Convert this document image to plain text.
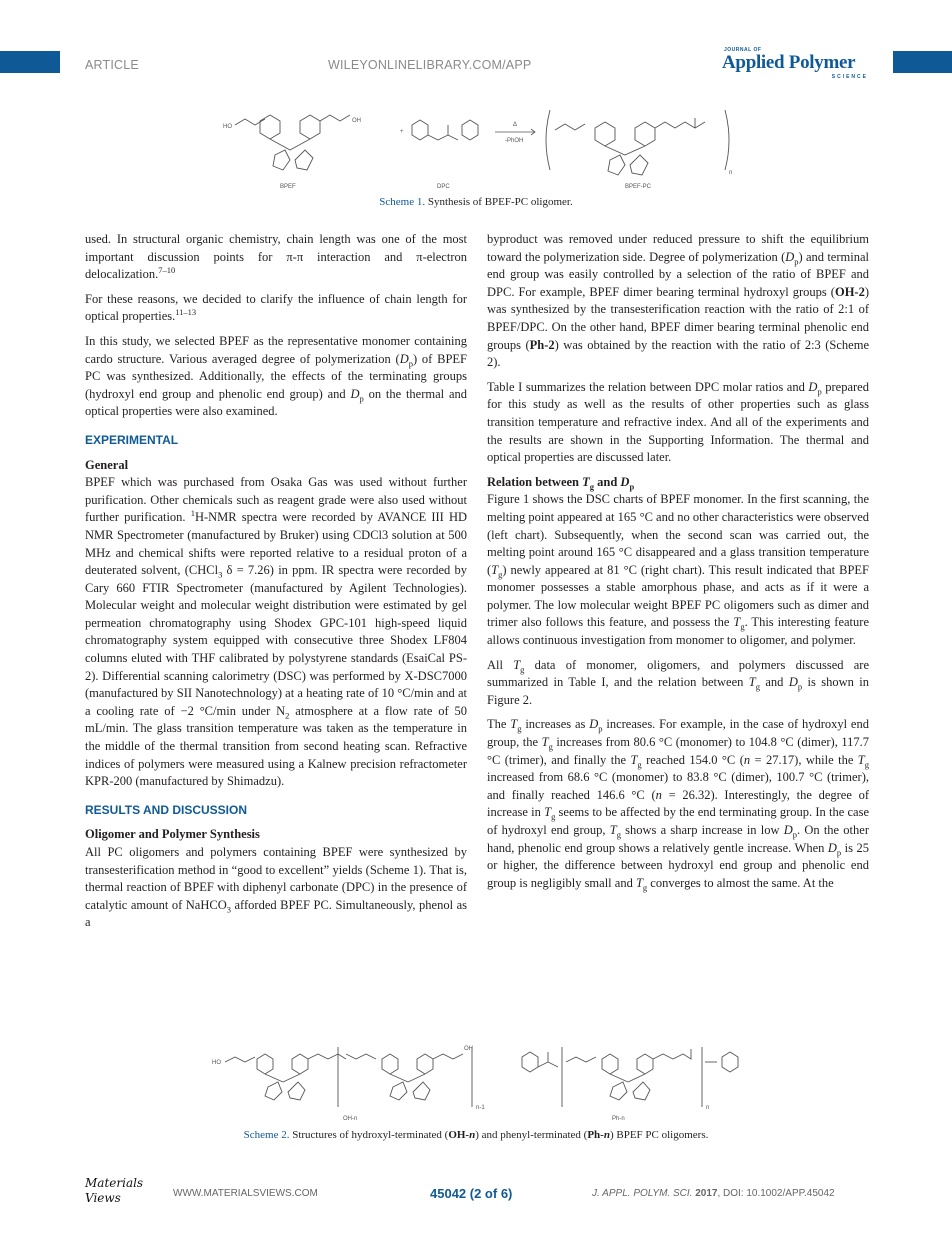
ARTICLE	WILEYONLINELIBRARY.COM/APP
JOURNAL OF
Applied Polymer
SCIENCE
HO
OH
BPEF
+
DPC
Δ
-PhOH
n
BPEF-PC
Scheme 1. Synthesis of BPEF-PC oligomer.

used. In structural organic chemistry, chain length was one of the most important discussion points for π-π interaction and π-electron delocalization.$^{7-10}$

For these reasons, we decided to clarify the influence of chain length for optical properties.$^{11-13}$

In this study, we selected BPEF as the representative monomer containing cardo structure. Various averaged degree of polymerization $(D_p)$ of BPEF PC was synthesized. Additionally, the effects of the terminating groups (hydroxyl end group and phenolic end group) and $D_p$ on the thermal and optical properties were also examined.

EXPERIMENTAL
General

BPEF which was purchased from Osaka Gas was used without further purification. Other chemicals such as reagent grade were also used without further purification. $^1$H-NMR spectra were recorded by AVANCE III HD NMR Spectrometer (manufactured by Bruker) using CDCl3 solution at 500 MHz and chemical shifts were reported relative to a residual proton of a deuterated solvent, (CHCl$_3$ δ = 7.26) in ppm. IR spectra were recorded by Cary 660 FTIR Spectrometer (manufactured by Agilent Technologies). Molecular weight and molecular weight distribution were estimated by gel permeation chromatography using Shodex GPC-101 high-speed liquid chromatography system equipped with consecutive three Shodex LF804 columns eluted with THF calibrated by polystyrene standards (EsaiCal PS-2). Differential scanning calorimetry (DSC) was performed by X-DSC7000 (manufactured by SII Nanotechnology) at a heating rate of 10 °C/min and at a cooling rate of −2 °C/min under $N_2$ atmosphere at a flow rate of 50 mL/min. The glass transition temperature was taken as the temperature in the middle of the thermal transition from second heating scan. Refractive indices of polymers were measured using a Kalnew precision refractometer KPR-200 (manufactured by Shimadzu).

RESULTS AND DISCUSSION
Oligomer and Polymer Synthesis

All PC oligomers and polymers containing BPEF were synthesized by transesterification method in “good to excellent” yields (Scheme 1). That is, thermal reaction of BPEF with diphenyl carbonate (DPC) in the presence of catalytic amount of NaHCO$_3$ afforded BPEF PC. Simultaneously, phenol as a

byproduct was removed under reduced pressure to shift the equilibrium toward the polymerization side. Degree of polymerization $(D_p)$ and terminal end group was easily controlled by a selection of the ratio of BPEF and DPC. For example, BPEF dimer bearing terminal hydroxyl groups (OH-2) was synthesized by the transesterification reaction with the ratio of 2:1 of BPEF/DPC. On the other hand, BPEF dimer bearing terminal phenolic end groups (Ph-2) was obtained by the reaction with the ratio of 2:3 (Scheme 2).

Table I summarizes the relation between DPC molar ratios and $D_p$ prepared for this study as well as the results of other properties such as glass transition temperature and refractive index. And all of the experiments and the results are shown in the Supporting Information. The thermal and optical properties are discussed later.

Relation between $T_g$ and $D_p$

Figure 1 shows the DSC charts of BPEF monomer. In the first scanning, the melting point appeared at 165 °C and no other characteristics were observed (left chart). Subsequently, when the second scan was carried out, the melting point around 165 °C disappeared and a glass transition temperature $(T_g)$ newly appeared at 81 °C (right chart). This result indicated that BPEF monomer possesses a stable amorphous phase, and acts as if it were a polymer. The low molecular weight BPEF PC oligomers such as dimer and trimer also follows this feature, and possess the $T_g$. This interesting feature allows continuous investigation from monomer to oligomer, and polymer.

All $T_g$ data of monomer, oligomers, and polymers discussed are summarized in Table I, and the relation between $T_g$ and $D_p$ is shown in Figure 2.

The $T_g$ increases as $D_p$ increases. For example, in the case of hydroxyl end group, the $T_g$ increases from 80.6 °C (monomer) to 104.8 °C (dimer), 117.7 °C (trimer), and finally the $T_g$ reached 154.0 °C (n = 27.17), while the $T_g$ increased from 68.6 °C (monomer) to 83.8 °C (dimer), 100.7 °C (trimer), and finally reached 146.6 °C (n = 26.32). Interestingly, the degree of increase in $T_g$ seems to be affected by the end terminating group. In the case of hydroxyl end group, $T_g$ shows a sharp increase in low $D_p$. On the other hand, phenolic end group shows a relatively gentle increase. When $D_p$ is 25 or higher, the difference between hydroxyl end group and phenolic end group is negligibly small and $T_g$ converges to almost the same. At the

HO
OH
n-1
OH-n
n
Ph-n
Scheme 2. Structures of hydroxyl-terminated (OH-n) and phenyl-terminated (Ph-n) BPEF PC oligomers.
Materials Views	WWW.MATERIALSVIEWS.COM	45042 (2 of 6)	J. APPL. POLYM. SCI. 2017, DOI: 10.1002/APP.45042
